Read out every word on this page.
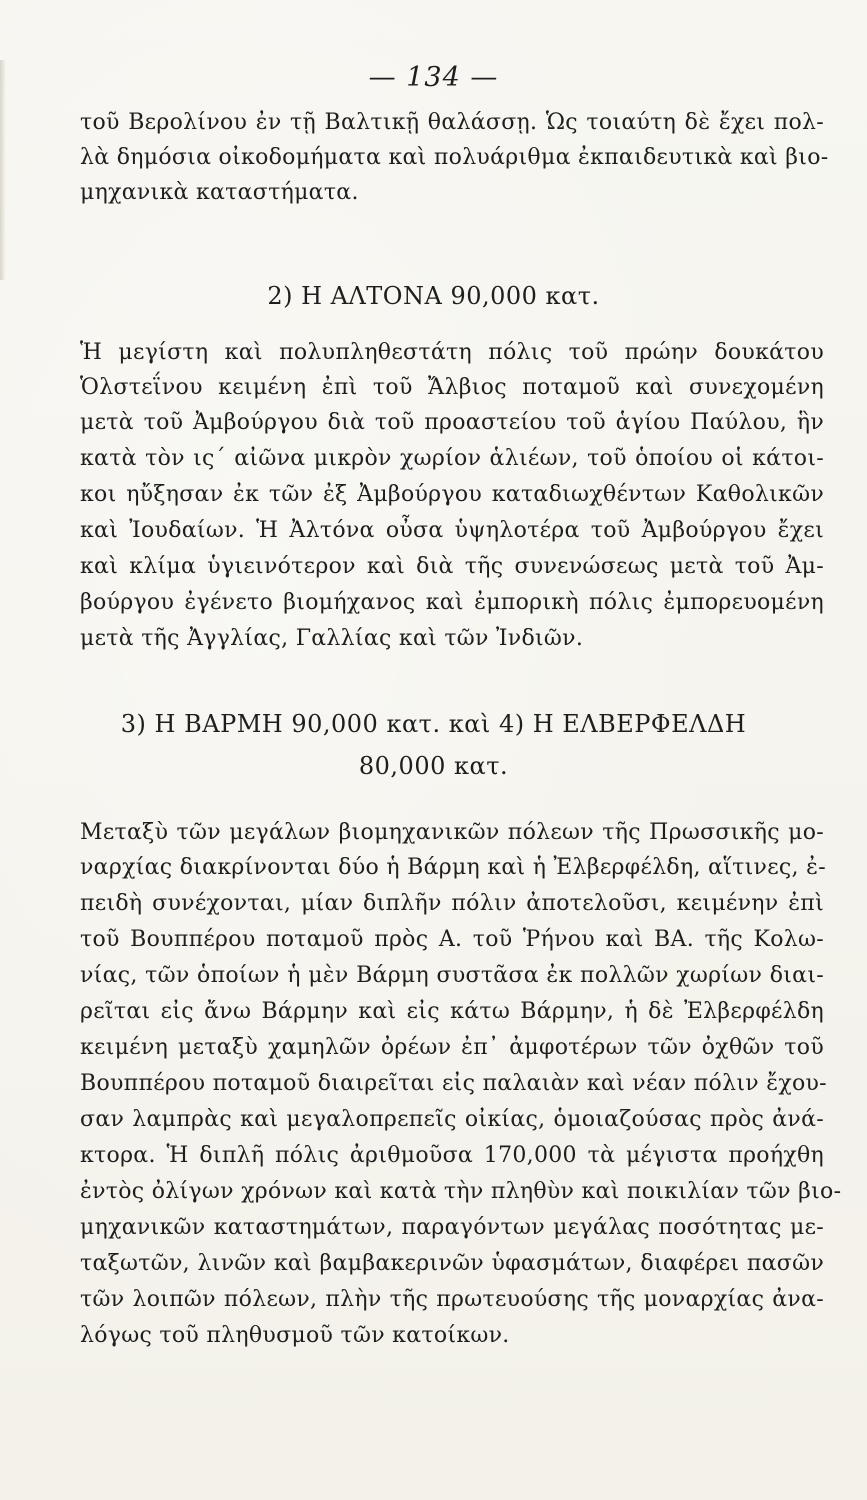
— 134 —
τοῦ Βερολίνου ἐν τῇ Βαλτικῇ θαλάσσῃ. Ὡς τοιαύτη δὲ ἔχει πολ-
λὰ δημόσια οἰκοδομήματα καὶ πολυάριθμα ἐκπαιδευτικὰ καὶ βιο-
μηχανικὰ καταστήματα.
2) Η ΑΛΤΟΝΑ 90,000 κατ.
Ἡ μεγίστη καὶ πολυπληθεστάτη πόλις τοῦ πρώην δουκάτου
Ὁλστεΐνου κειμένη ἐπὶ τοῦ Ἄλβιος ποταμοῦ καὶ συνεχομένη
μετὰ τοῦ Ἀμβούργου διὰ τοῦ προαστείου τοῦ ἁγίου Παύλου, ἣν
κατὰ τὸν ις´ αἰῶνα μικρὸν χωρίον ἁλιέων, τοῦ ὁποίου οἱ κάτοι-
κοι ηὔξησαν ἐκ τῶν ἐξ Ἀμβούργου καταδιωχθέντων Καθολικῶν
καὶ Ἰουδαίων. Ἡ Ἀλτόνα οὖσα ὑψηλοτέρα τοῦ Ἀμβούργου ἔχει
καὶ κλίμα ὑγιεινότερον καὶ διὰ τῆς συνενώσεως μετὰ τοῦ Ἀμ-
βούργου ἐγένετο βιομήχανος καὶ ἐμπορικὴ πόλις ἐμπορευομένη
μετὰ τῆς Ἀγγλίας, Γαλλίας καὶ τῶν Ἰνδιῶν.
3) Η ΒΑΡΜΗ 90,000 κατ. καὶ 4) Η ΕΛΒΕΡΦΕΛΔΗ
80,000 κατ.
Μεταξὺ τῶν μεγάλων βιομηχανικῶν πόλεων τῆς Πρωσσικῆς μο-
ναρχίας διακρίνονται δύο ἡ Βάρμη καὶ ἡ Ἐλβερφέλδη, αἵτινες, ἐ-
πειδὴ συνέχονται, μίαν διπλῆν πόλιν ἀποτελοῦσι, κειμένην ἐπὶ
τοῦ Βουππέρου ποταμοῦ πρὸς Α. τοῦ Ῥήνου καὶ ΒΑ. τῆς Κολω-
νίας, τῶν ὁποίων ἡ μὲν Βάρμη συστᾶσα ἐκ πολλῶν χωρίων διαι-
ρεῖται εἰς ἄνω Βάρμην καὶ εἰς κάτω Βάρμην, ἡ δὲ Ἐλβερφέλδη
κειμένη μεταξὺ χαμηλῶν ὀρέων ἐπ᾽ ἀμφοτέρων τῶν ὀχθῶν τοῦ
Βουππέρου ποταμοῦ διαιρεῖται εἰς παλαιὰν καὶ νέαν πόλιν ἔχου-
σαν λαμπρὰς καὶ μεγαλοπρεπεῖς οἰκίας, ὁμοιαζούσας πρὸς ἀνά-
κτορα. Ἡ διπλῆ πόλις ἀριθμοῦσα 170,000 τὰ μέγιστα προήχθη
ἐντὸς ὀλίγων χρόνων καὶ κατὰ τὴν πληθὺν καὶ ποικιλίαν τῶν βιο-
μηχανικῶν καταστημάτων, παραγόντων μεγάλας ποσότητας με-
ταξωτῶν, λινῶν καὶ βαμβακερινῶν ὑφασμάτων, διαφέρει πασῶν
τῶν λοιπῶν πόλεων, πλὴν τῆς πρωτευούσης τῆς μοναρχίας ἀνα-
λόγως τοῦ πληθυσμοῦ τῶν κατοίκων.
